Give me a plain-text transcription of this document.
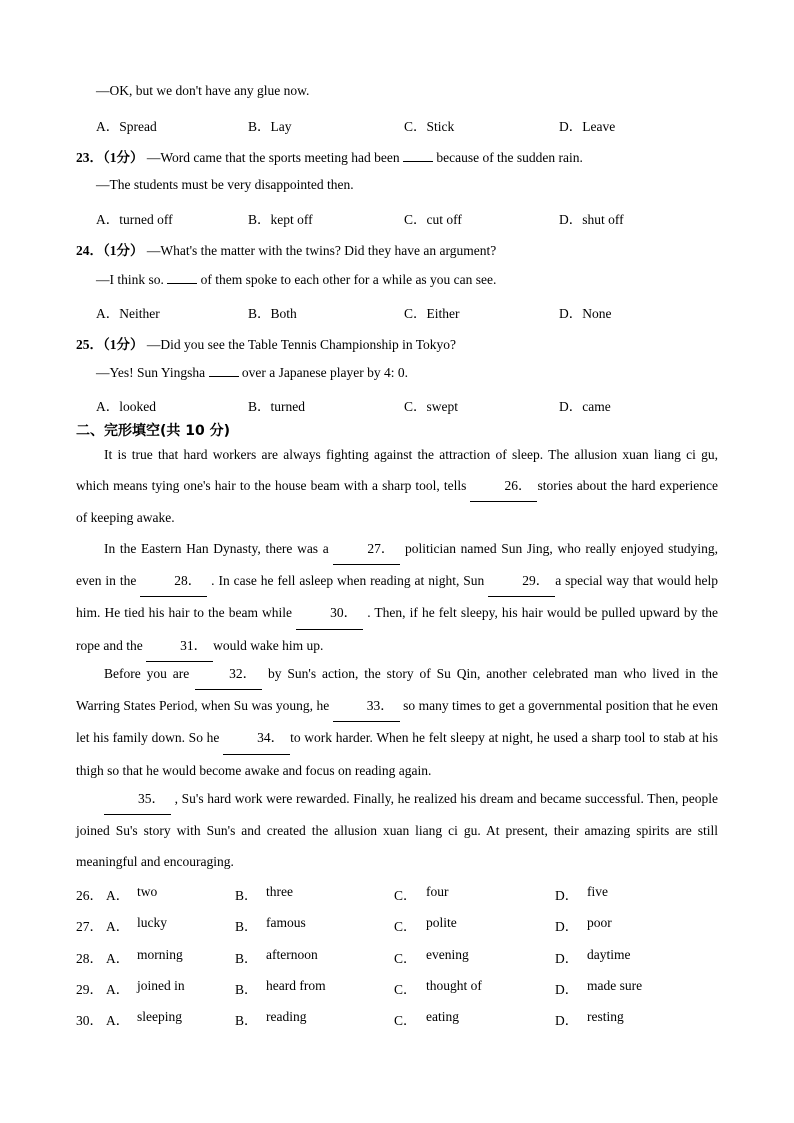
—OK, but we don't have any glue now.
A．Spread	B．Lay	C．Stick	D．Leave
23．（1分） —Word came that the sports meeting had been  because of the sudden rain.
—The students must be very disappointed then.
A．turned off	B．kept off	C．cut off	D．shut off
24．（1分） —What's the matter with the twins? Did they have an argument?
—I think so.  of them spoke to each other for a while as you can see.
A．Neither	B．Both	C．Either	D．None
25．（1分） —Did you see the Table Tennis Championship in Tokyo?
—Yes! Sun Yingsha  over a Japanese player by 4: 0.
A．looked	B．turned	C．swept	D．came
二、完形填空(共 10 分)
It is true that hard workers are always fighting against the attraction of sleep. The allusion xuan liang ci gu, which means tying one's hair to the house beam with a sharp tool, tells	26． stories about the hard experience of keeping awake.
In the Eastern Han Dynasty, there was a	27． politician named Sun Jing, who really enjoyed studying, even in the	28． . In case he fell asleep when reading at night, Sun	29． a special way that would help him. He tied his hair to the beam while	30． . Then, if he felt sleepy, his hair would be pulled upward by the rope and the	31． would wake him up.
Before you are	32． by Sun's action, the story of Su Qin, another celebrated man who lived in the Warring States Period, when Su was young, he	33． so many times to get a governmental position that he even let his family down. So he	34． to work harder. When he felt sleepy at night, he used a sharp tool to stab at his thigh so that he would become awake and focus on reading again.
35． , Su's hard work were rewarded. Finally, he realized his dream and became successful. Then, people joined Su's story with Sun's and created the allusion xuan liang ci gu. At present, their amazing spirits are still meaningful and encouraging.
26． A． two	B． three	C． four	D． five
27． A． lucky	B． famous	C． polite	D． poor
28． A． morning	B． afternoon	C． evening	D． daytime
29． A． joined in	B． heard from	C． thought of	D． made sure
30． A． sleeping	B． reading	C． eating	D． resting
